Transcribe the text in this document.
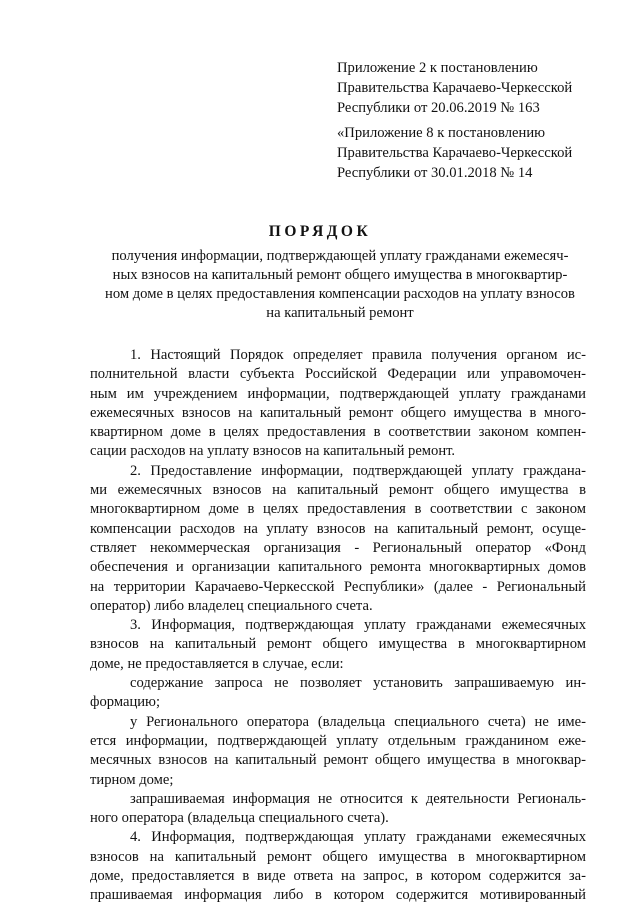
Приложение 2 к постановлению
Правительства Карачаево-Черкесской
Республики от 20.06.2019 № 163
«Приложение 8 к постановлению
Правительства Карачаево-Черкесской
Республики от 30.01.2018 № 14
ПОРЯДОК
получения информации, подтверждающей уплату гражданами ежемесяч-
ных взносов на капитальный ремонт общего имущества в многоквартир-
ном доме в целях предоставления компенсации расходов на уплату взносов
на капитальный ремонт
1. Настоящий Порядок определяет правила получения органом ис-
полнительной власти субъекта Российской Федерации или управомочен-
ным им учреждением информации, подтверждающей уплату гражданами
ежемесячных взносов на капитальный ремонт общего имущества в много-
квартирном доме в целях предоставления в соответствии законом компен-
сации расходов на уплату взносов на капитальный ремонт.
2. Предоставление информации, подтверждающей уплату граждана-
ми ежемесячных взносов на капитальный ремонт общего имущества в
многоквартирном доме в целях предоставления в соответствии с законом
компенсации расходов на уплату взносов на капитальный ремонт, осуще-
ствляет некоммерческая организация - Региональный оператор «Фонд
обеспечения и организации капитального ремонта многоквартирных домов
на территории Карачаево-Черкесской Республики» (далее - Региональный
оператор) либо владелец специального счета.
3. Информация, подтверждающая уплату гражданами ежемесячных
взносов на капитальный ремонт общего имущества в многоквартирном
доме, не предоставляется в случае, если:
содержание запроса не позволяет установить запрашиваемую ин-
формацию;
у Регионального оператора (владельца специального счета) не име-
ется информации, подтверждающей уплату отдельным гражданином еже-
месячных взносов на капитальный ремонт общего имущества в многоквар-
тирном доме;
запрашиваемая информация не относится к деятельности Региональ-
ного оператора (владельца специального счета).
4. Информация, подтверждающая уплату гражданами ежемесячных
взносов на капитальный ремонт общего имущества в многоквартирном
доме, предоставляется в виде ответа на запрос, в котором содержится за-
прашиваемая информация либо в котором содержится мотивированный
